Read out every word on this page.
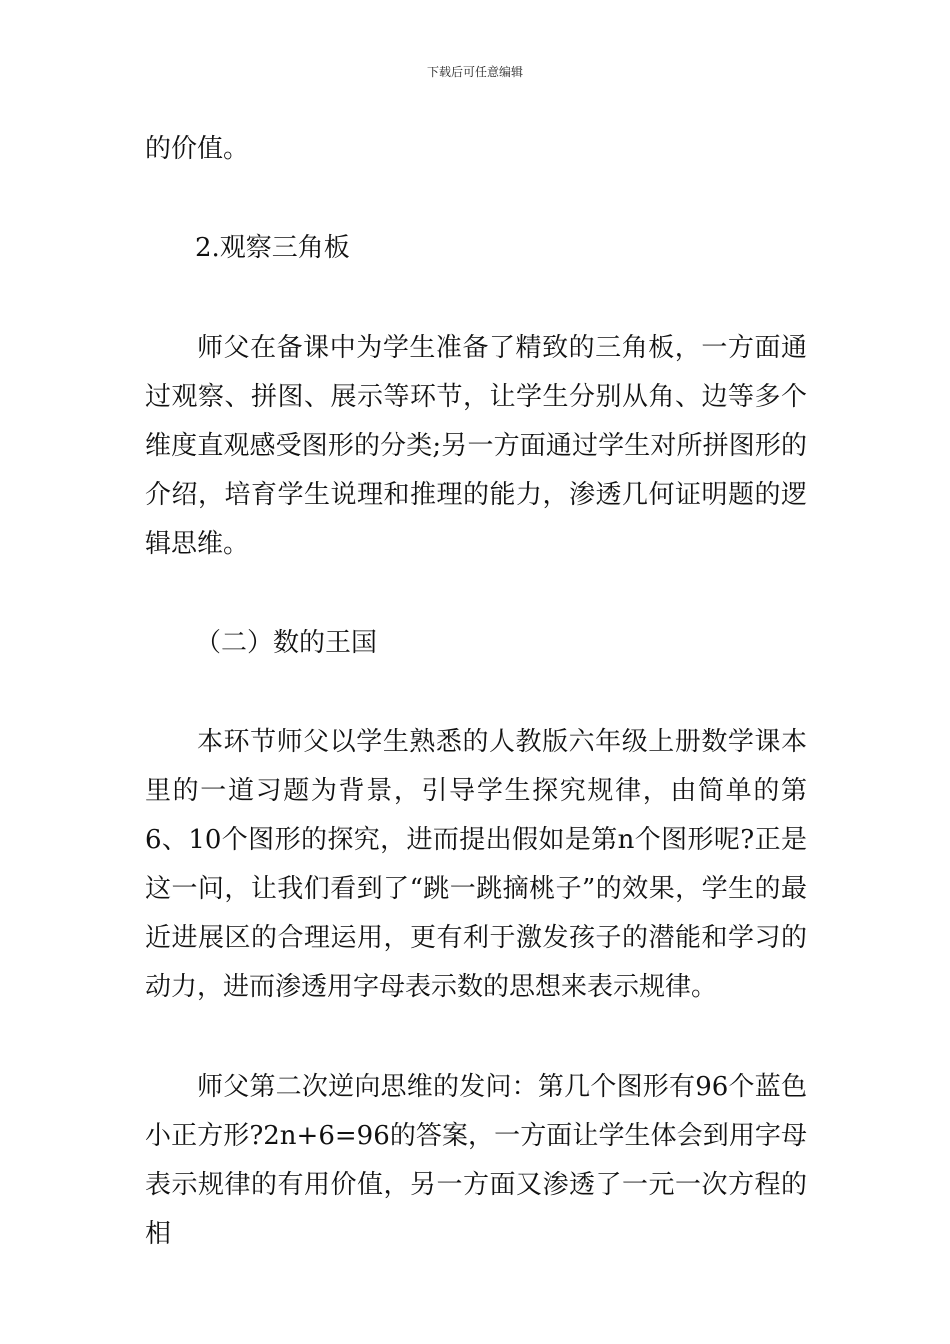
下载后可任意编辑

的价值。

2.观察三角板

师父在备课中为学生准备了精致的三角板，一方面通过观察、拼图、展示等环节，让学生分别从角、边等多个维度直观感受图形的分类;另一方面通过学生对所拼图形的介绍，培育学生说理和推理的能力，渗透几何证明题的逻辑思维。

（二）数的王国

本环节师父以学生熟悉的人教版六年级上册数学课本里的一道习题为背景，引导学生探究规律，由简单的第6、10个图形的探究，进而提出假如是第n个图形呢?正是这一问，让我们看到了“跳一跳摘桃子”的效果，学生的最近进展区的合理运用，更有利于激发孩子的潜能和学习的动力，进而渗透用字母表示数的思想来表示规律。

师父第二次逆向思维的发问：第几个图形有96个蓝色小正方形?2n+6=96的答案，一方面让学生体会到用字母表示规律的有用价值，另一方面又渗透了一元一次方程的相
